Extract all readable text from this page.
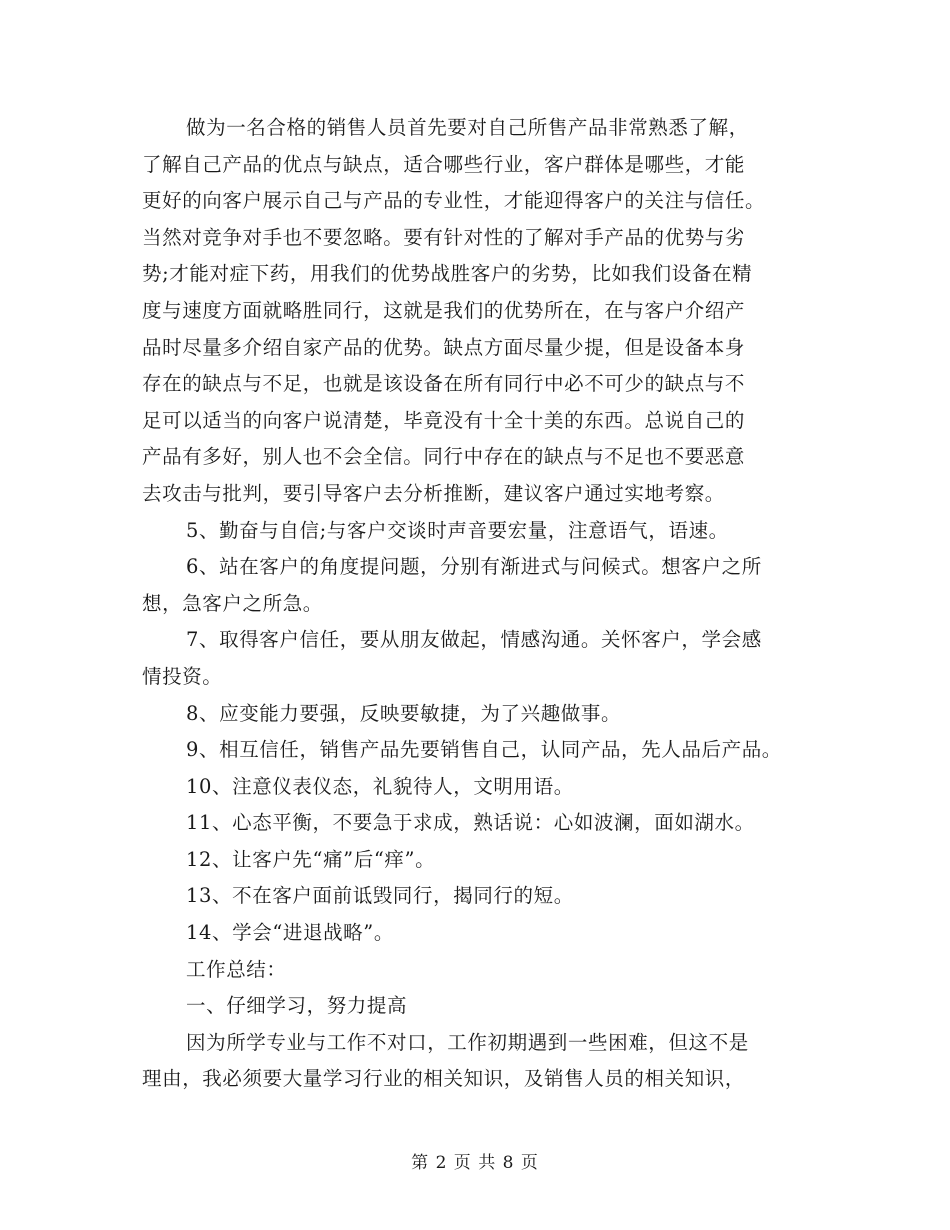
做为一名合格的销售人员首先要对自己所售产品非常熟悉了解，
了解自己产品的优点与缺点，适合哪些行业，客户群体是哪些，才能
更好的向客户展示自己与产品的专业性，才能迎得客户的关注与信任。
当然对竞争对手也不要忽略。要有针对性的了解对手产品的优势与劣
势;才能对症下药，用我们的优势战胜客户的劣势，比如我们设备在精
度与速度方面就略胜同行，这就是我们的优势所在，在与客户介绍产
品时尽量多介绍自家产品的优势。缺点方面尽量少提，但是设备本身
存在的缺点与不足，也就是该设备在所有同行中必不可少的缺点与不
足可以适当的向客户说清楚，毕竟没有十全十美的东西。总说自己的
产品有多好，别人也不会全信。同行中存在的缺点与不足也不要恶意
去攻击与批判，要引导客户去分析推断，建议客户通过实地考察。
5、勤奋与自信;与客户交谈时声音要宏量，注意语气，语速。
6、站在客户的角度提问题，分别有渐进式与问候式。想客户之所
想，急客户之所急。
7、取得客户信任，要从朋友做起，情感沟通。关怀客户，学会感
情投资。
8、应变能力要强，反映要敏捷，为了兴趣做事。
9、相互信任，销售产品先要销售自己，认同产品，先人品后产品。
10、注意仪表仪态，礼貌待人，文明用语。
11、心态平衡，不要急于求成，熟话说：心如波澜，面如湖水。
12、让客户先“痛”后“痒”。
13、不在客户面前诋毁同行，揭同行的短。
14、学会“进退战略”。
工作总结：
一、仔细学习，努力提高
因为所学专业与工作不对口，工作初期遇到一些困难，但这不是
理由，我必须要大量学习行业的相关知识，及销售人员的相关知识，
第 2 页 共 8 页
